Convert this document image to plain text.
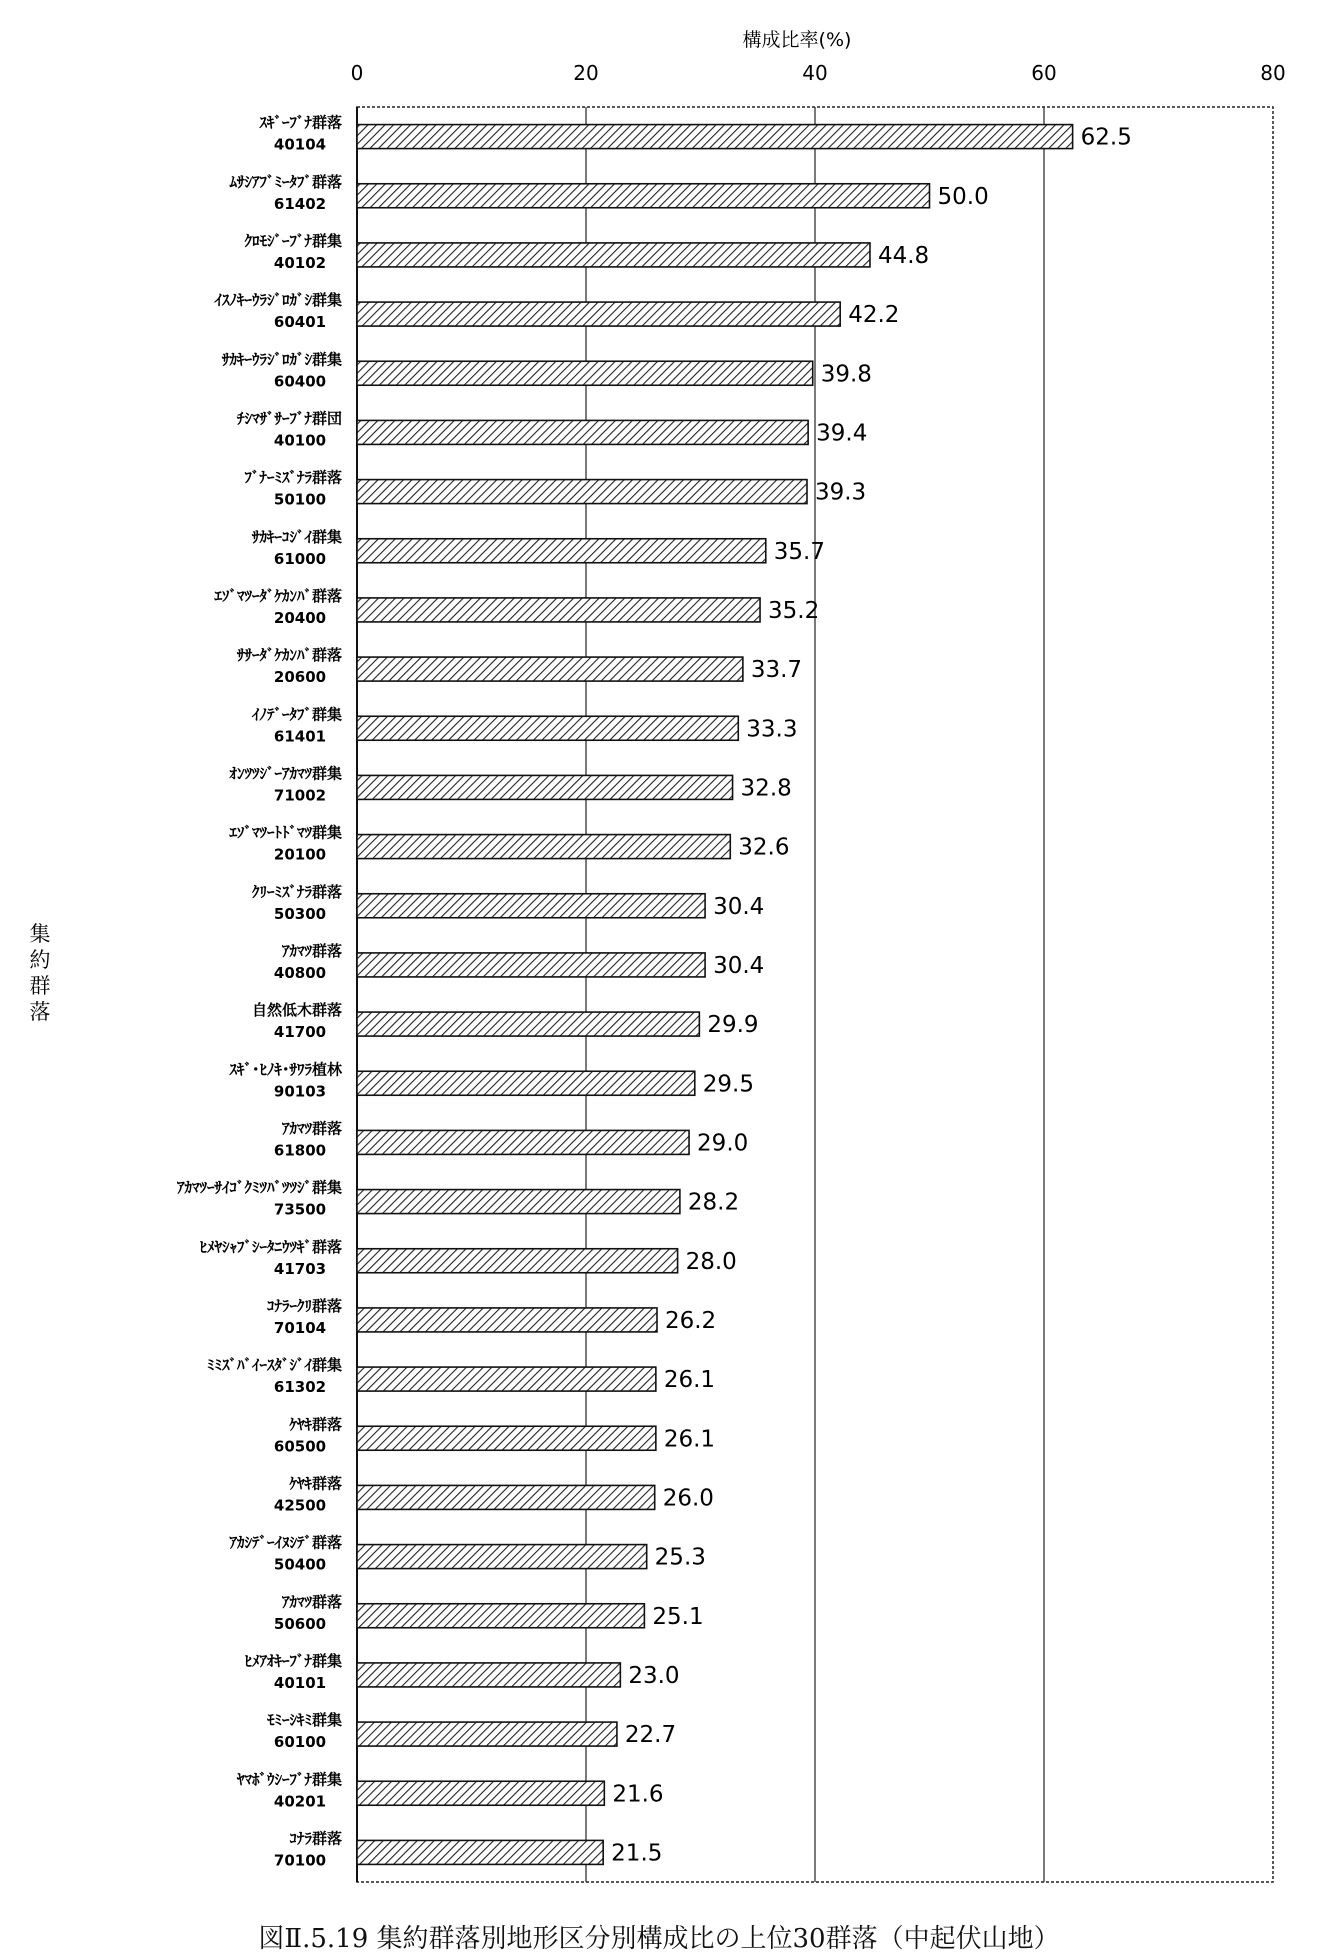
0	20	40	60	80
構成比率(%)
集
約
群
落
ｽｷﾞｰﾌﾞﾅ群落
40104
ﾑｻｼｱﾌﾞﾐｰﾀﾌﾞ群落
61402
ｸﾛﾓｼﾞｰﾌﾞﾅ群集
40102
ｲｽﾉｷｰｳﾗｼﾞﾛｶﾞｼ群集
60401
ｻｶｷｰｳﾗｼﾞﾛｶﾞｼ群集
60400
ﾁｼﾏｻﾞｻｰﾌﾞﾅ群団
40100
ﾌﾞﾅｰﾐｽﾞﾅﾗ群落
50100
ｻｶｷｰｺｼﾞｲ群集
61000
ｴｿﾞﾏﾂｰﾀﾞｹｶﾝﾊﾞ群落
20400
ｻｻｰﾀﾞｹｶﾝﾊﾞ群落
20600
ｲﾉﾃﾞｰﾀﾌﾞ群集
61401
ｵﾝﾂﾂｼﾞｰｱｶﾏﾂ群集
71002
ｴｿﾞﾏﾂｰﾄﾄﾞﾏﾂ群集
20100
ｸﾘｰﾐｽﾞﾅﾗ群落
50300
ｱｶﾏﾂ群落
40800
自然低木群落
41700
ｽｷﾞ･ﾋﾉｷ･ｻﾜﾗ植林
90103
ｱｶﾏﾂ群落
61800
ｱｶﾏﾂｰｻｲｺﾞｸﾐﾂﾊﾞﾂﾂｼﾞ群集
73500
ﾋﾒﾔｼｬﾌﾞｼｰﾀﾆｳﾂｷﾞ群落
41703
ｺﾅﾗｰｸﾘ群落
70104
ﾐﾐｽﾞﾊﾞｲｰｽﾀﾞｼﾞｲ群集
61302
ｹﾔｷ群落
60500
ｹﾔｷ群落
42500
ｱｶｼﾃﾞｰｲﾇｼﾃﾞ群落
50400
ｱｶﾏﾂ群落
50600
ﾋﾒｱｵｷｰﾌﾞﾅ群集
40101
ﾓﾐｰｼｷﾐ群集
60100
ﾔﾏﾎﾞｳｼｰﾌﾞﾅ群集
40201
ｺﾅﾗ群落
70100
62.5
50.0
44.8
42.2
39.8
39.4
39.3
35.7
35.2
33.7
33.3
32.8
32.6
30.4
30.4
29.9
29.5
29.0
28.2
28.0
26.2
26.1
26.1
26.0
25.3
25.1
23.0
22.7
21.6
21.5
図Ⅱ.5.19 集約群落別地形区分別構成比の上位30群落（中起伏山地）
